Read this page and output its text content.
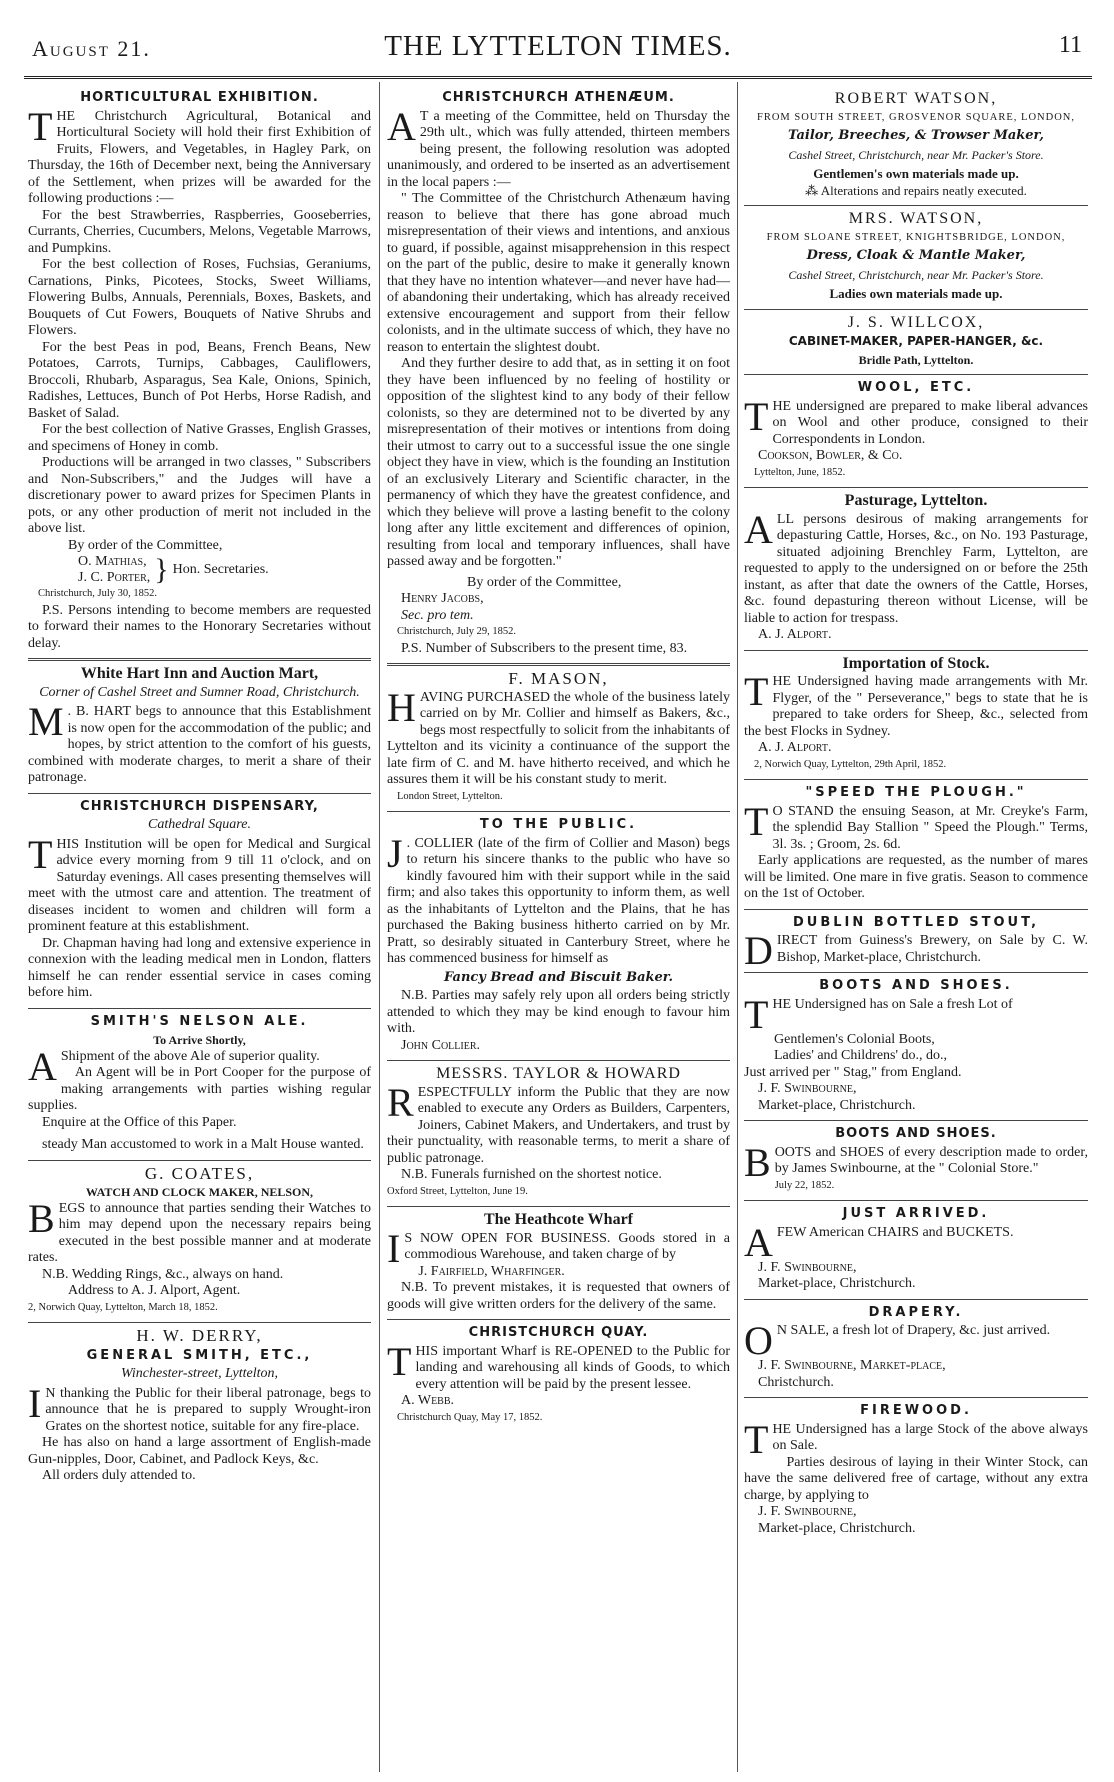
August 21.	THE LYTTELTON TIMES.	11
HORTICULTURAL EXHIBITION.

THE Christchurch Agricultural, Botanical and Horticultural Society will hold their first Exhibition of Fruits, Flowers, and Vegetables, in Hagley Park, on Thursday, the 16th of December next, being the Anniversary of the Settlement, when prizes will be awarded for the following productions :—

For the best Strawberries, Raspberries, Gooseberries, Currants, Cherries, Cucumbers, Melons, Vegetable Marrows, and Pumpkins.

For the best collection of Roses, Fuchsias, Geraniums, Carnations, Pinks, Picotees, Stocks, Sweet Williams, Flowering Bulbs, Annuals, Perennials, Boxes, Baskets, and Bouquets of Cut Fowers, Bouquets of Native Shrubs and Flowers.

For the best Peas in pod, Beans, French Beans, New Potatoes, Carrots, Turnips, Cabbages, Cauliflowers, Broccoli, Rhubarb, Asparagus, Sea Kale, Onions, Spinich, Radishes, Lettuces, Bunch of Pot Herbs, Horse Radish, and Basket of Salad.

For the best collection of Native Grasses, English Grasses, and specimens of Honey in comb.

Productions will be arranged in two classes, " Subscribers and Non-Subscribers," and the Judges will have a discretionary power to award prizes for Specimen Plants in pots, or any other production of merit not included in the above list.

By order of the Committee,

O. Mathias,
J. C. Porter, } Hon. Secretaries.

Christchurch, July 30, 1852.

P.S. Persons intending to become members are requested to forward their names to the Honorary Secretaries without delay.

White Hart Inn and Auction Mart,
Corner of Cashel Street and Sumner Road, Christchurch.

M . B. HART begs to announce that this Establishment is now open for the accommodation of the public; and hopes, by strict attention to the comfort of his guests, combined with moderate charges, to merit a share of their patronage.

CHRISTCHURCH DISPENSARY,
Cathedral Square.

THIS Institution will be open for Medical and Surgical advice every morning from 9 till 11 o'clock, and on Saturday evenings. All cases presenting themselves will meet with the utmost care and attention. The treatment of diseases incident to women and children will form a prominent feature at this establishment.

Dr. Chapman having had long and extensive experience in connexion with the leading medical men in London, flatters himself he can render essential service in cases coming before him.

SMITH'S NELSON ALE.
To Arrive Shortly,

A Shipment of the above Ale of superior quality.

An Agent will be in Port Cooper for the purpose of making arrangements with parties wishing regular supplies.

Enquire at the Office of this Paper.

steady Man accustomed to work in a Malt House wanted.

G. COATES,
WATCH AND CLOCK MAKER, NELSON,

BEGS to announce that parties sending their Watches to him may depend upon the necessary repairs being executed in the best possible manner and at moderate rates.

N.B. Wedding Rings, &c., always on hand.

Address to A. J. Alport, Agent.

2, Norwich Quay, Lyttelton, March 18, 1852.

H. W. DERRY,
GENERAL SMITH, ETC.,
Winchester-street, Lyttelton,

I N thanking the Public for their liberal patronage, begs to announce that he is prepared to supply Wrought-iron Grates on the shortest notice, suitable for any fire-place.

He has also on hand a large assortment of English-made Gun-nipples, Door, Cabinet, and Padlock Keys, &c.

All orders duly attended to.

CHRISTCHURCH ATHENÆUM.

A T a meeting of the Committee, held on Thursday the 29th ult., which was fully attended, thirteen members being present, the following resolution was adopted unanimously, and ordered to be inserted as an advertisement in the local papers :—

" The Committee of the Christchurch Athenæum having reason to believe that there has gone abroad much misrepresentation of their views and intentions, and anxious to guard, if possible, against misapprehension in this respect on the part of the public, desire to make it generally known that they have no intention whatever—and never have had—of abandoning their undertaking, which has already received extensive encouragement and support from their fellow colonists, and in the ultimate success of which, they have no reason to entertain the slightest doubt.

And they further desire to add that, as in setting it on foot they have been influenced by no feeling of hostility or opposition of the slightest kind to any body of their fellow colonists, so they are determined not to be diverted by any misrepresentation of their motives or intentions from doing their utmost to carry out to a successful issue the one single object they have in view, which is the founding an Institution of an exclusively Literary and Scientific character, in the permanency of which they have the greatest confidence, and which they believe will prove a lasting benefit to the colony long after any little excitement and differences of opinion, resulting from local and temporary influences, shall have passed away and be forgotten."

By order of the Committee,

Henry Jacobs,

Sec. pro tem.

Christchurch, July 29, 1852.

P.S. Number of Subscribers to the present time, 83.

F. MASON,

HAVING PURCHASED the whole of the business lately carried on by Mr. Collier and himself as Bakers, &c., begs most respectfully to solicit from the inhabitants of Lyttelton and its vicinity a continuance of the support the late firm of C. and M. have hitherto received, and which he assures them it will be his constant study to merit.

London Street, Lyttelton.

TO THE PUBLIC.

J . COLLIER (late of the firm of Collier and Mason) begs to return his sincere thanks to the public who have so kindly favoured him with their support while in the said firm; and also takes this opportunity to inform them, as well as the inhabitants of Lyttelton and the Plains, that he has purchased the Baking business hitherto carried on by Mr. Pratt, so desirably situated in Canterbury Street, where he has commenced business for himself as

Fancy Bread and Biscuit Baker.

N.B. Parties may safely rely upon all orders being strictly attended to which they may be kind enough to favour him with.

John Collier.

MESSRS. TAYLOR & HOWARD

RESPECTFULLY inform the Public that they are now enabled to execute any Orders as Builders, Carpenters, Joiners, Cabinet Makers, and Undertakers, and trust by their punctuality, with reasonable terms, to merit a share of public patronage.

N.B. Funerals furnished on the shortest notice.

Oxford Street, Lyttelton, June 19.

The Heathcote Wharf

I S NOW OPEN FOR BUSINESS. Goods stored in a commodious Warehouse, and taken charge of by

J. Fairfield, Wharfinger.

N.B. To prevent mistakes, it is requested that owners of goods will give written orders for the delivery of the same.

CHRISTCHURCH QUAY.

THIS important Wharf is RE-OPENED to the Public for landing and warehousing all kinds of Goods, to which every attention will be paid by the present lessee.

A. Webb.

Christchurch Quay, May 17, 1852.

ROBERT WATSON,
FROM SOUTH STREET, GROSVENOR SQUARE, LONDON,
Tailor, Breeches, & Trowser Maker,
Cashel Street, Christchurch, near Mr. Packer's Store.
Gentlemen's own materials made up.
⁂ Alterations and repairs neatly executed.
MRS. WATSON,
FROM SLOANE STREET, KNIGHTSBRIDGE, LONDON,
Dress, Cloak & Mantle Maker,
Cashel Street, Christchurch, near Mr. Packer's Store.
Ladies own materials made up.
J. S. WILLCOX,
CABINET-MAKER, PAPER-HANGER, &c.
Bridle Path, Lyttelton.
WOOL, ETC.

THE undersigned are prepared to make liberal advances on Wool and other produce, consigned to their Correspondents in London.

Cookson, Bowler, & Co.

Lyttelton, June, 1852.

Pasturage, Lyttelton.

ALL persons desirous of making arrangements for depasturing Cattle, Horses, &c., on No. 193 Pasturage, situated adjoining Brenchley Farm, Lyttelton, are requested to apply to the undersigned on or before the 25th instant, as after that date the owners of the Cattle, Horses, &c. found depasturing thereon without License, will be liable to action for trespass.

A. J. Alport.

Importation of Stock.

THE Undersigned having made arrangements with Mr. Flyger, of the " Perseverance," begs to state that he is prepared to take orders for Sheep, &c., selected from the best Flocks in Sydney.

A. J. Alport.

2, Norwich Quay, Lyttelton, 29th April, 1852.

"SPEED THE PLOUGH."

T O STAND the ensuing Season, at Mr. Creyke's Farm, the splendid Bay Stallion " Speed the Plough." Terms, 3l. 3s. ; Groom, 2s. 6d.

Early applications are requested, as the number of mares will be limited. One mare in five gratis. Season to commence on the 1st of October.

DUBLIN BOTTLED STOUT,

DIRECT from Guiness's Brewery, on Sale by C. W. Bishop, Market-place, Christchurch.

BOOTS AND SHOES.

THE Undersigned has on Sale a fresh Lot of

Gentlemen's Colonial Boots,

Ladies' and Childrens' do., do.,

Just arrived per " Stag," from England.

J. F. Swinbourne,

Market-place, Christchurch.

BOOTS AND SHOES.

BOOTS and SHOES of every description made to order, by James Swinbourne, at the " Colonial Store."

July 22, 1852.

JUST ARRIVED.

AFEW American CHAIRS and BUCKETS.

J. F. Swinbourne,

Market-place, Christchurch.

DRAPERY.

O N SALE, a fresh lot of Drapery, &c. just arrived.

J. F. Swinbourne, Market-place,

Christchurch.

FIREWOOD.

THE Undersigned has a large Stock of the above always on Sale.

Parties desirous of laying in their Winter Stock, can have the same delivered free of cartage, without any extra charge, by applying to

J. F. Swinbourne,

Market-place, Christchurch.
